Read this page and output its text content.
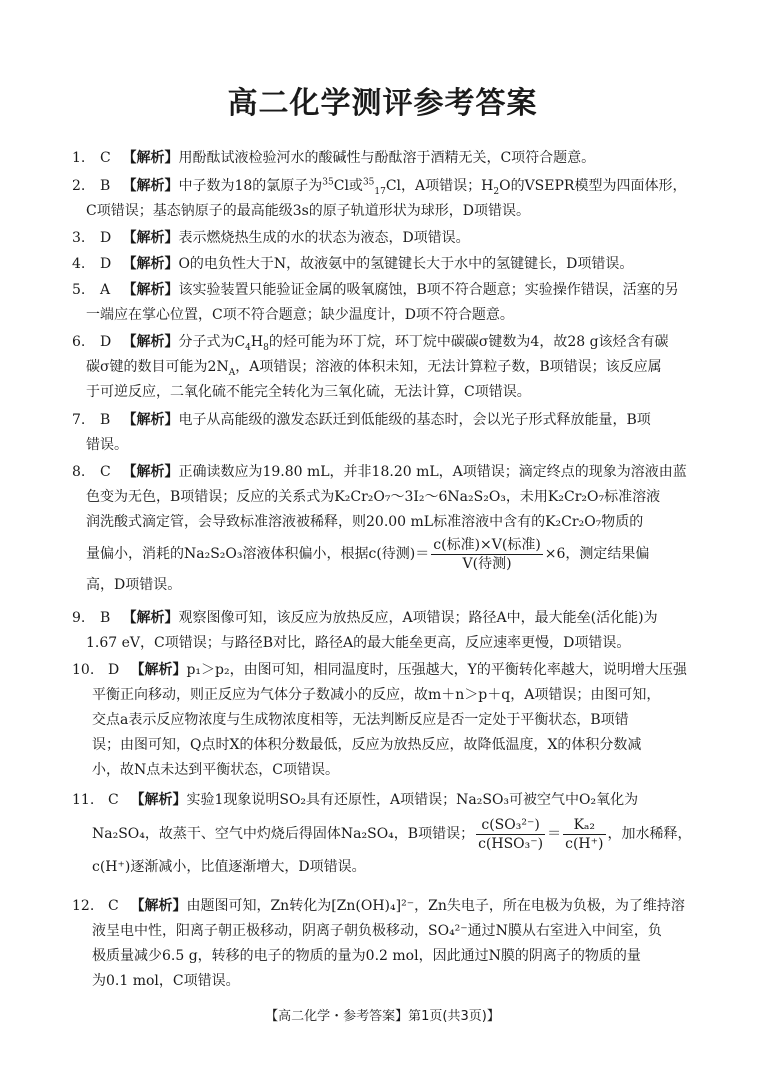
高二化学测评参考答案
1. C 【解析】用酚酞试液检验河水的酸碱性与酚酞溶于酒精无关，C项符合题意。
2. B 【解析】中子数为18的氯原子为$^{35}$Cl或$^{35}_{17}$Cl，A项错误；$H_2O$的VSEPR模型为四面体形，
C项错误；基态钠原子的最高能级3s的原子轨道形状为球形，D项错误。
3. D 【解析】表示燃烧热生成的水的状态为液态，D项错误。
4. D 【解析】O的电负性大于N，故液氨中的氢键键长大于水中的氢键键长，D项错误。
5. A 【解析】该实验装置只能验证金属的吸氧腐蚀，B项不符合题意；实验操作错误，活塞的另
一端应在掌心位置，C项不符合题意；缺少温度计，D项不符合题意。
6. D 【解析】分子式为$C_4H_8$的烃可能为环丁烷，环丁烷中碳碳σ键数为4，故28 g该烃含有碳
碳σ键的数目可能为$2N_A$，A项错误；溶液的体积未知，无法计算粒子数，B项错误；该反应属
于可逆反应，二氧化硫不能完全转化为三氧化硫，无法计算，C项错误。
7. B 【解析】电子从高能级的激发态跃迁到低能级的基态时，会以光子形式释放能量，B项
错误。
8. C 【解析】正确读数应为19.80 mL，并非18.20 mL，A项错误；滴定终点的现象为溶液由蓝
色变为无色，B项错误；反应的关系式为K₂Cr₂O₇～3I₂～6Na₂S₂O₃，未用K₂Cr₂O₇标准溶液
润洗酸式滴定管，会导致标准溶液被稀释，则20.00 mL标准溶液中含有的K₂Cr₂O₇物质的
量偏小，消耗的Na₂S₂O₃溶液体积偏小，根据c(待测)＝ $\frac{\text{c(标准)×V(标准)}}{\text{V(待测)}} \times 6$，测定结果偏
高，D项错误。
9. B 【解析】观察图像可知，该反应为放热反应，A项错误；路径A中，最大能垒(活化能)为
1.67 eV，C项错误；与路径B对比，路径A的最大能垒更高，反应速率更慢，D项错误。
10. D 【解析】p₁＞p₂，由图可知，相同温度时，压强越大，Y的平衡转化率越大，说明增大压强
平衡正向移动，则正反应为气体分子数减小的反应，故m＋n＞p＋q，A项错误；由图可知，
交点a表示反应物浓度与生成物浓度相等，无法判断反应是否一定处于平衡状态，B项错
误；由图可知，Q点时X的体积分数最低，反应为放热反应，故降低温度，X的体积分数减
小，故N点未达到平衡状态，C项错误。
11. C 【解析】实验1现象说明SO₂具有还原性，A项错误；Na₂SO₃可被空气中O₂氧化为
Na₂SO₄，故蒸干、空气中灼烧后得固体Na₂SO₄，B项错误； $\frac{\text{c(SO₃²⁻)}}{\text{c(HSO₃⁻)}} = \frac{\text{Kₐ₂}}{c(H^+)}$ ，加水稀释，
c(H⁺)逐渐减小，比值逐渐增大，D项错误。
12. C 【解析】由题图可知，Zn转化为[Zn(OH)₄]²⁻，Zn失电子，所在电极为负极，为了维持溶
液呈电中性，阳离子朝正极移动，阴离子朝负极移动，SO₄²⁻通过N膜从右室进入中间室，负
极质量减少6.5 g，转移的电子的物质的量为0.2 mol，因此通过N膜的阴离子的物质的量
为0.1 mol，C项错误。
【高二化学・参考答案】第1页(共3页)】
